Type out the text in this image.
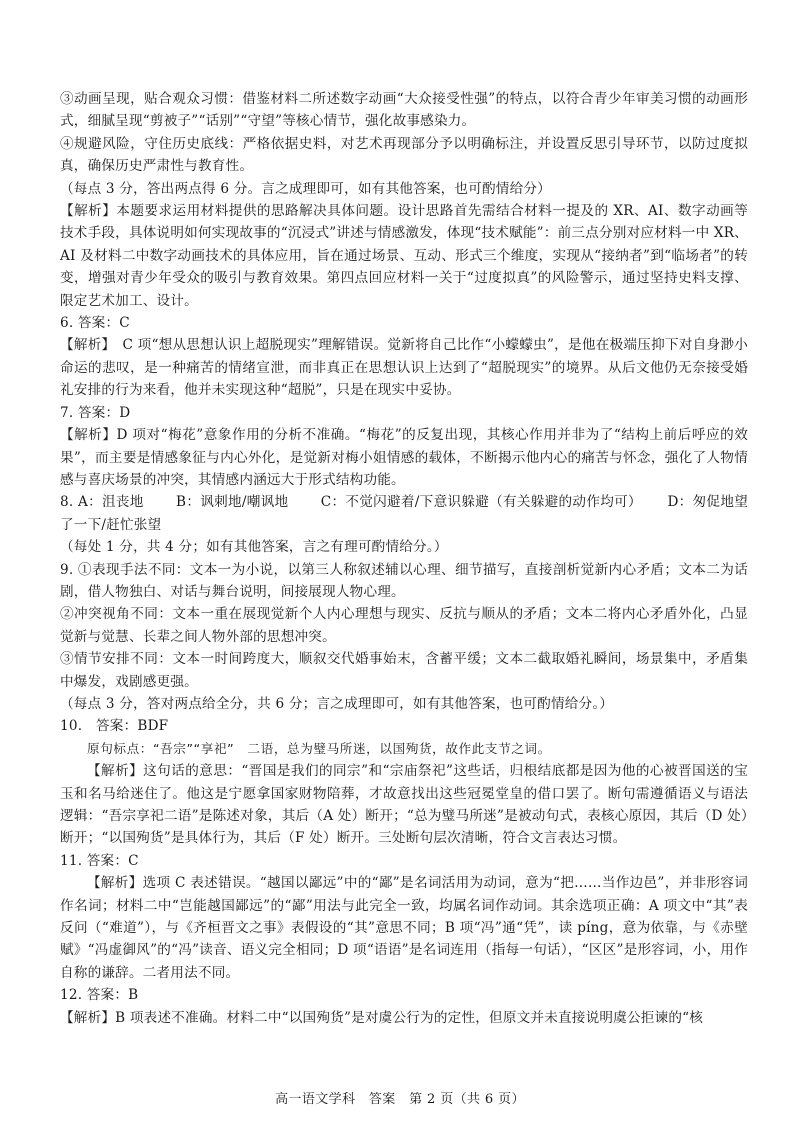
③动画呈现，贴合观众习惯：借鉴材料二所述数字动画“大众接受性强”的特点，以符合青少年审美习惯的动画形式，细腻呈现“剪被子”“话别”“守望”等核心情节，强化故事感染力。

④规避风险，守住历史底线：严格依据史料，对艺术再现部分予以明确标注，并设置反思引导环节，以防过度拟真，确保历史严肃性与教育性。

（每点 3 分，答出两点得 6 分。言之成理即可，如有其他答案，也可酌情给分）

【解析】本题要求运用材料提供的思路解决具体问题。设计思路首先需结合材料一提及的 XR、AI、数字动画等技术手段，具体说明如何实现故事的“沉浸式”讲述与情感激发，体现“技术赋能”：前三点分别对应材料一中 XR、AI 及材料二中数字动画技术的具体应用，旨在通过场景、互动、形式三个维度，实现从“接纳者”到“临场者”的转变，增强对青少年受众的吸引与教育效果。第四点回应材料一关于“过度拟真”的风险警示，通过坚持史料支撑、限定艺术加工、设计。

6. 答案：C

【解析】　C 项“想从思想认识上超脱现实”理解错误。觉新将自己比作“小蠓蠓虫”，是他在极端压抑下对自身渺小命运的悲叹，是一种痛苦的情绪宣泄，而非真正在思想认识上达到了“超脱现实”的境界。从后文他仍无奈接受婚礼安排的行为来看，他并未实现这种“超脱”，只是在现实中妥协。

7. 答案：D

【解析】D 项对“梅花”意象作用的分析不准确。“梅花”的反复出现，其核心作用并非为了“结构上前后呼应的效果”，而主要是情感象征与内心外化，是觉新对梅小姐情感的载体，不断揭示他内心的痛苦与怀念，强化了人物情感与喜庆场景的冲突，其情感内涵远大于形式结构功能。

8. A：沮丧地　　 B：讽刺地/嘲讽地　　 C：不觉闪避着/下意识躲避（有关躲避的动作均可）　　 D：匆促地望了一下/赶忙张望

（每处 1 分，共 4 分；如有其他答案，言之有理可酌情给分。）

9. ①表现手法不同：文本一为小说，以第三人称叙述辅以心理、细节描写，直接剖析觉新内心矛盾；文本二为话剧，借人物独白、对话与舞台说明，间接展现人物心理。

②冲突视角不同：文本一重在展现觉新个人内心理想与现实、反抗与顺从的矛盾；文本二将内心矛盾外化，凸显觉新与觉慧、长辈之间人物外部的思想冲突。

③情节安排不同：文本一时间跨度大，顺叙交代婚事始末，含蓄平缓；文本二截取婚礼瞬间，场景集中，矛盾集中爆发，戏剧感更强。

（每点 3 分，答对两点给全分，共 6 分；言之成理即可，如有其他答案，也可酌情给分。）

10.　答案：BDF

原句标点：“吾宗”“享祀”　二语，总为璧马所迷，以国殉货，故作此支节之词。

【解析】这句话的意思：“晋国是我们的同宗”和“宗庙祭祀”这些话，归根结底都是因为他的心被晋国送的宝玉和名马给迷住了。他这是宁愿拿国家财物陪葬，才故意找出这些冠冕堂皇的借口罢了。断句需遵循语义与语法逻辑：“吾宗享祀二语”是陈述对象，其后（A 处）断开；“总为璧马所迷”是被动句式，表核心原因，其后（D 处）断开；“以国殉货”是具体行为，其后（F 处）断开。三处断句层次清晰，符合文言表达习惯。

11. 答案：C

【解析】选项 C 表述错误。“越国以鄙远”中的“鄙”是名词活用为动词，意为“把……当作边邑”，并非形容词作名词；材料二中“岂能越国鄙远”的“鄙”用法与此完全一致，均属名词作动词。其余选项正确：A 项文中“其”表反问（“难道”），与《齐桓晋文之事》表假设的“其”意思不同；B 项“冯”通“凭”，读 píng，意为依靠，与《赤壁赋》“冯虚御风”的“冯”读音、语义完全相同；D 项“语语”是名词连用（指每一句话），“区区”是形容词，小，用作自称的谦辞。二者用法不同。

12. 答案：B

【解析】B 项表述不准确。材料二中“以国殉货”是对虞公行为的定性，但原文并未直接说明虞公拒谏的“核

高一语文学科　答案　第 2 页（共 6 页）
